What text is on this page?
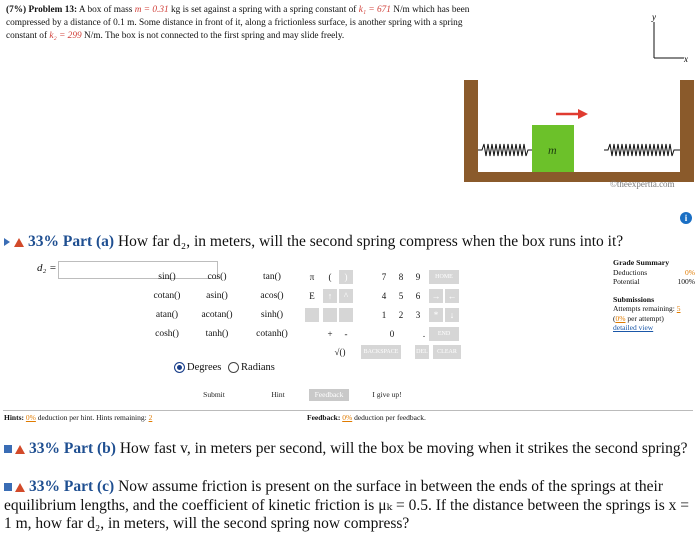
(7%) Problem 13: A box of mass m = 0.31 kg is set against a spring with a spring constant of k₁ = 671 N/m which has been compressed by a distance of 0.1 m. Some distance in front of it, along a frictionless surface, is another spring with a spring constant of k₂ = 299 N/m. The box is not connected to the first spring and may slide freely.
y
x
m
©theexpertta.com
i
33% Part (a) How far d₂, in meters, will the second spring compress when the box runs into it?
d₂ =
sin()	cos()	tan()
cotan()	asin()	acos()
atan()	acotan()	sinh()
cosh()	tanh()	cotanh()
π	(	)
E	↑	^
+	-
√()
7	8	9
4	5	6
1	2	3
0	.
HOME
→ ←
*	↓
END
BACKSPACE	DEL	CLEAR
Degrees Radians
Submit	Hint	Feedback	I give up!
Grade Summary
Deductions	0%
Potential	100%
Submissions
Attempts remaining: 5
(0% per attempt)
detailed view
Hints: 0% deduction per hint. Hints remaining: 2	Feedback: 0% deduction per feedback.
33% Part (b) How fast v, in meters per second, will the box be moving when it strikes the second spring?
33% Part (c) Now assume friction is present on the surface in between the ends of the springs at their equilibrium lengths, and the coefficient of kinetic friction is μₖ = 0.5. If the distance between the springs is x = 1 m, how far d₂, in meters, will the second spring now compress?
